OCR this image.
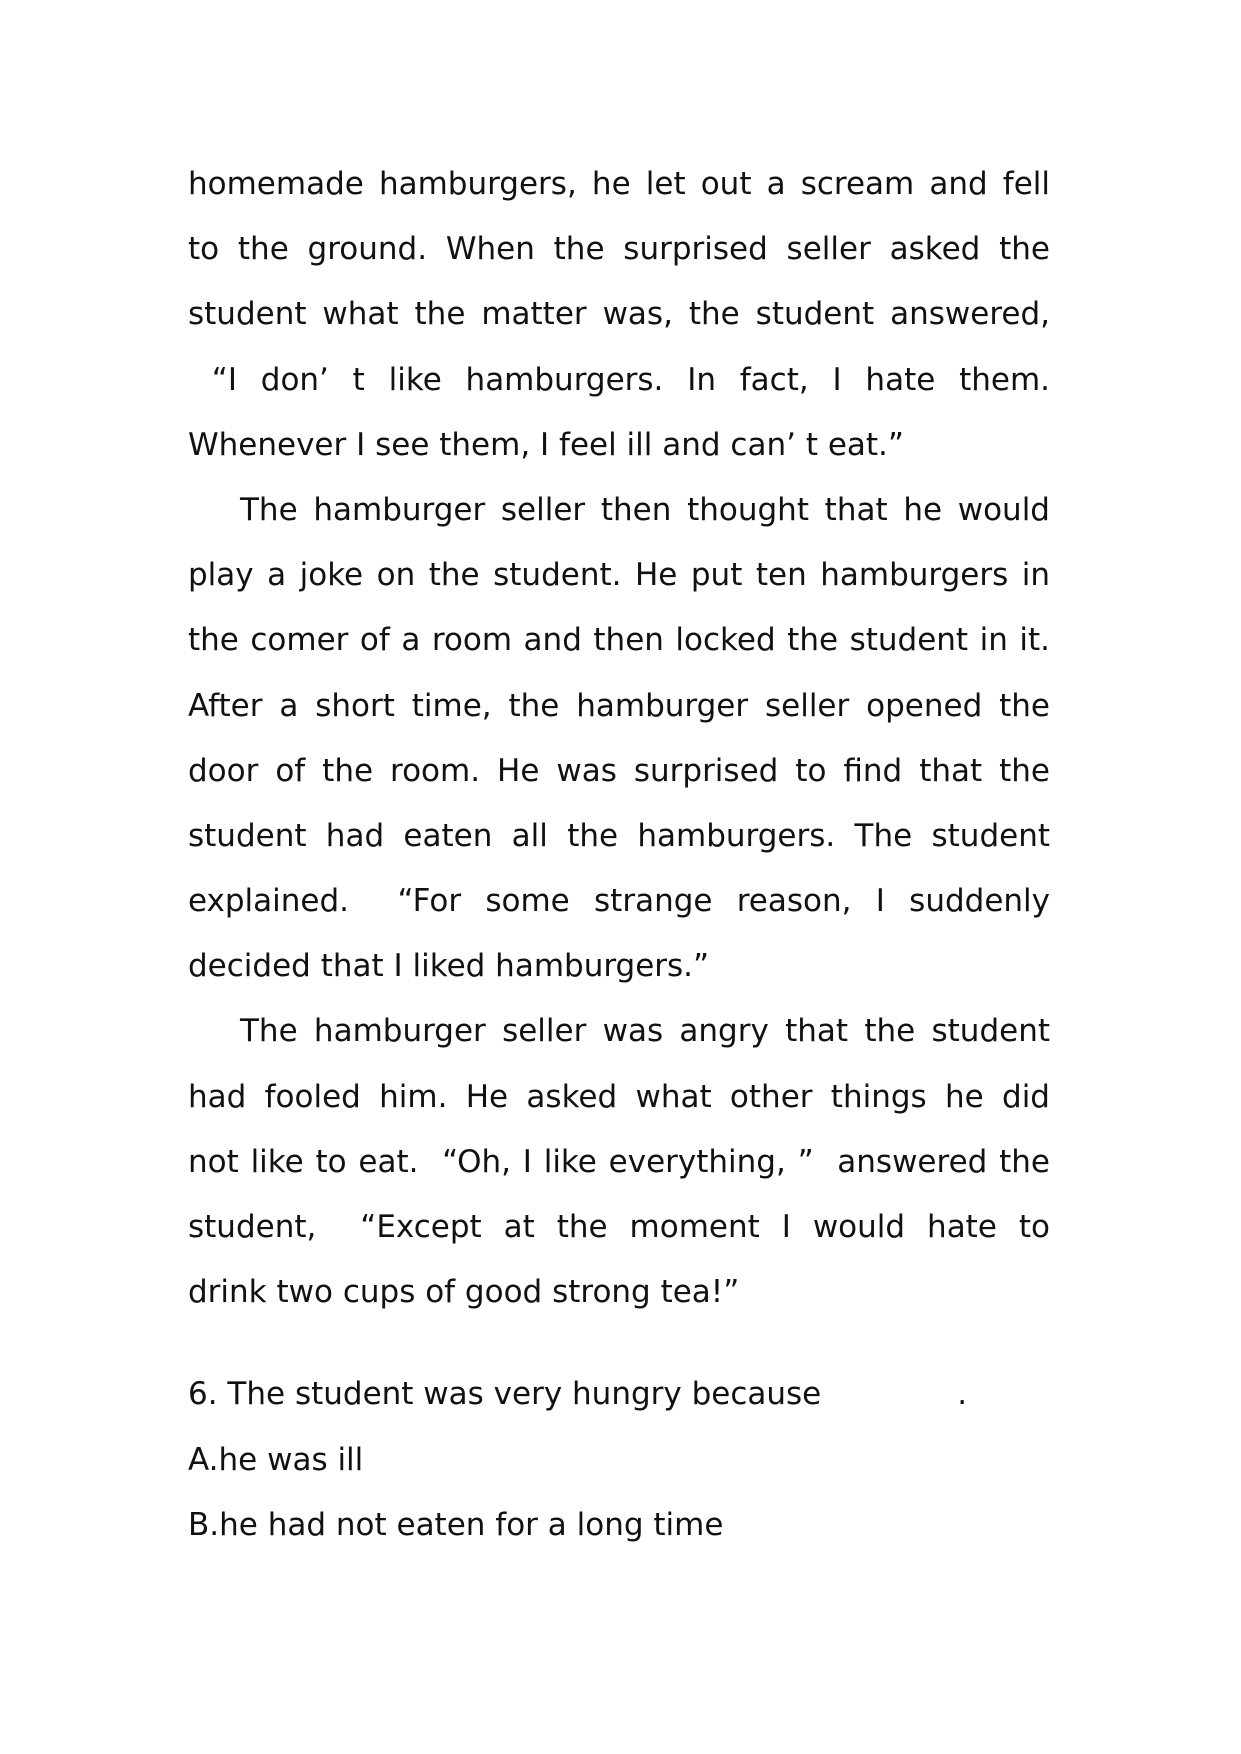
homemade hamburgers, he let out a scream and fell
to the ground. When the surprised seller asked the
student what the matter was, the student answered,
“I don’ t like hamburgers. In fact, I hate them.
Whenever I see them, I feel ill and can’ t eat.”
The hamburger seller then thought that he would
play a joke on the student. He put ten hamburgers in
the comer of a room and then locked the student in it.
After a short time, the hamburger seller opened the
door of the room. He was surprised to find that the
student had eaten all the hamburgers. The student
explained.  “For some strange reason, I suddenly
decided that I liked hamburgers.”
The hamburger seller was angry that the student
had fooled him. He asked what other things he did
not like to eat.  “Oh, I like everything, ”  answered the
student,  “Except at the moment I would hate to
drink two cups of good strong tea!”
6. The student was very hungry because	.
A.he was ill
B.he had not eaten for a long time
